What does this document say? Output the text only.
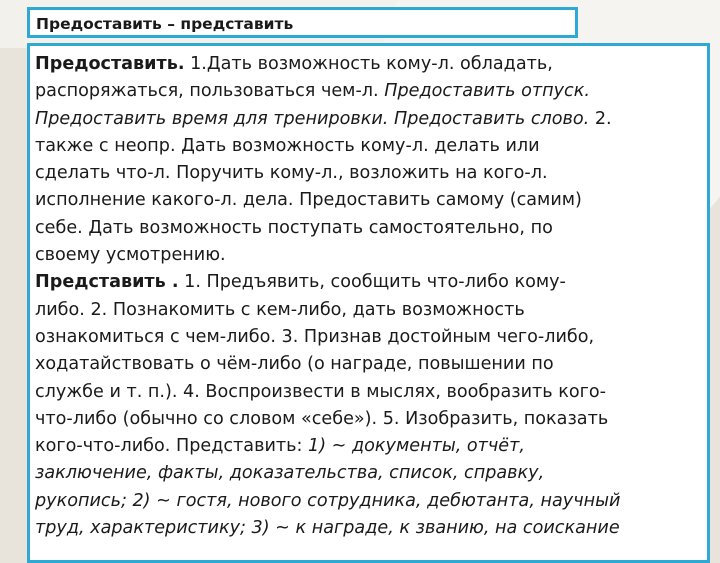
Предоставить – представить
Предоставить. 1.Дать возможность кому-л. обладать,
распоряжаться, пользоваться чем-л. Предоставить отпуск.
Предоставить время для тренировки. Предоставить слово. 2.
также с неопр. Дать возможность кому-л. делать или
сделать что-л. Поручить кому-л., возложить на кого-л.
исполнение какого-л. дела. Предоставить самому (самим)
себе. Дать возможность поступать самостоятельно, по
своему усмотрению.
Представить . 1. Предъявить, сообщить что-либо кому-
либо. 2. Познакомить с кем-либо, дать возможность
ознакомиться с чем-либо. 3. Признав достойным чего-либо,
ходатайствовать о чём-либо (о награде, повышении по
службе и т. п.). 4. Воспроизвести в мыслях, вообразить кого-
что-либо (обычно со словом «себе»). 5. Изобразить, показать
кого-что-либо. Представить: 1) ~ документы, отчёт,
заключение, факты, доказательства, список, справку,
рукопись; 2) ~ гостя, нового сотрудника, дебютанта, научный
труд, характеристику; 3) ~ к награде, к званию, на соискание
